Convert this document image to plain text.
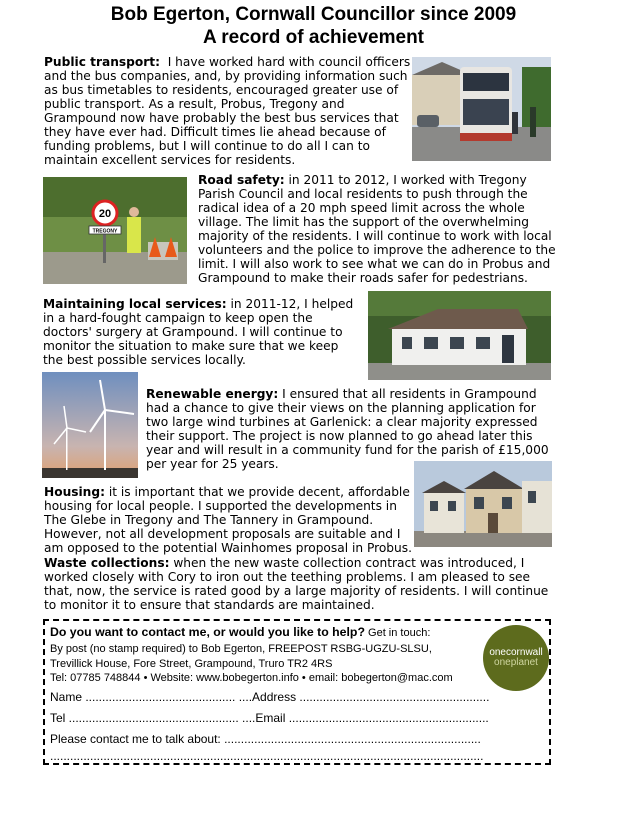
Bob Egerton, Cornwall Councillor since 2009
A record of achievement
Public transport: I have worked hard with council officers
and the bus companies, and, by providing information such
as bus timetables to residents, encouraged greater use of
public transport. As a result, Probus, Tregony and
Grampound now have probably the best bus services that
they have ever had. Difficult times lie ahead because of
funding problems, but I will continue to do all I can to
maintain excellent services for residents.
20
TREGONY
Road safety: in 2011 to 2012, I worked with Tregony
Parish Council and local residents to push through the
radical idea of a 20 mph speed limit across the whole
village. The limit has the support of the overwhelming
majority of the residents. I will continue to work with local
volunteers and the police to improve the adherence to the
limit. I will also work to see what we can do in Probus and
Grampound to make their roads safer for pedestrians.
Maintaining local services: in 2011-12, I helped
in a hard-fought campaign to keep open the
doctors' surgery at Grampound. I will continue to
monitor the situation to make sure that we keep
the best possible services locally.
Renewable energy: I ensured that all residents in Grampound
had a chance to give their views on the planning application for
two large wind turbines at Garlenick: a clear majority expressed
their support. The project is now planned to go ahead later this
year and will result in a community fund for the parish of £15,000
per year for 25 years.
Housing: it is important that we provide decent, affordable
housing for local people. I supported the developments in
The Glebe in Tregony and The Tannery in Grampound.
However, not all development proposals are suitable and I
am opposed to the potential Wainhomes proposal in Probus.
Waste collections: when the new waste collection contract was introduced, I
worked closely with Cory to iron out the teething problems. I am pleased to see
that, now, the service is rated good by a large majority of residents. I will continue
to monitor it to ensure that standards are maintained.
Do you want to contact me, or would you like to help? Get in touch:
By post (no stamp required) to Bob Egerton, FREEPOST RSBG-UGZU-SLSU,
Trevillick House, Fore Street, Grampound, Truro TR2 4RS
Tel: 07785 748844 • Website: www.bobegerton.info • email: bobegerton@mac.com
Name ............................................. ....Address .........................................................
Tel ................................................... ....Email ............................................................
Please contact me to talk about: .............................................................................
..................................................................................................................................
onecornwall
oneplanet
